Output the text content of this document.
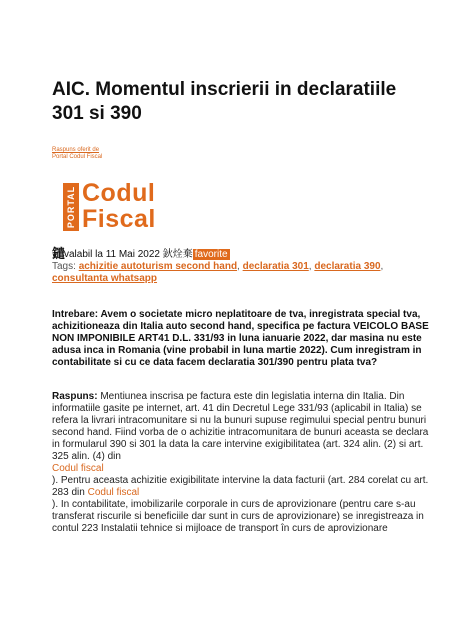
AIC. Momentul inscrierii in declaratiile 301 si 390
Raspuns oferit de
Portal Codul Fiscal
PORTAL Codul
Fiscal
鑓valabil la 11 Mai 2022 鈥烇棄 favorite
Tags: achizitie autoturism second hand, declaratia 301, declaratia 390, consultanta whatsapp
Intrebare: Avem o societate micro neplatitoare de tva, inregistrata special tva, achizitioneaza din Italia auto second hand, specifica pe factura VEICOLO BASE NON IMPONIBILE ART41 D.L. 331/93 in luna ianuarie 2022, dar masina nu este adusa inca in Romania (vine probabil in luna martie 2022). Cum inregistram in contabilitate si cu ce data facem declaratia 301/390 pentru plata tva?
Raspuns: Mentiunea inscrisa pe factura este din legislatia interna din Italia. Din informatiile gasite pe internet, art. 41 din Decretul Lege 331/93 (aplicabil in Italia) se refera la livrari intracomunitare si nu la bunuri supuse regimului special pentru bunuri second hand. Fiind vorba de o achizitie intracomunitara de bunuri aceasta se declara in formularul 390 si 301 la data la care intervine exigibilitatea (art. 324 alin. (2) si art. 325 alin. (4) din
Codul fiscal
). Pentru aceasta achizitie exigibilitate intervine la data facturii (art. 284 corelat cu art. 283 din Codul fiscal
). In contabilitate, imobilizarile corporale in curs de aprovizionare (pentru care s-au transferat riscurile si beneficiile dar sunt in curs de aprovizionare) se inregistreaza in contul 223 Instalatii tehnice si mijloace de transport în curs de aprovizionare
